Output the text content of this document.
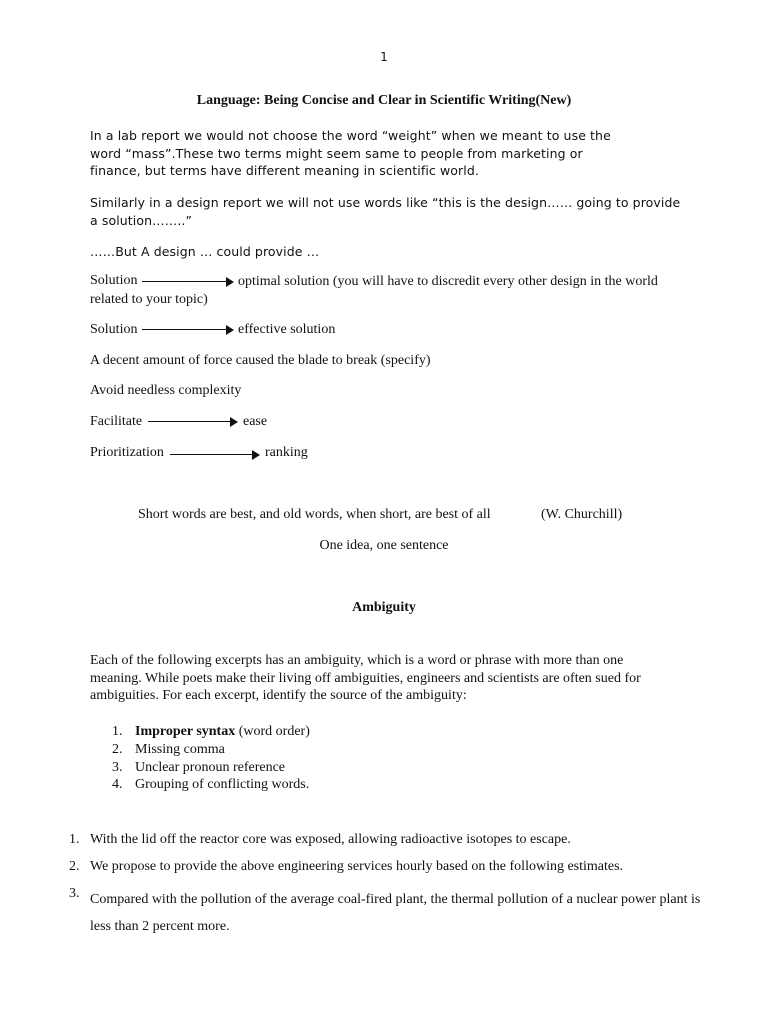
1
Language: Being Concise and Clear in Scientific Writing(New)
In a lab report we would not choose the word “weight” when we meant to use the word “mass”.These two terms might seem same to people from marketing or finance, but terms have different meaning in scientific world.
Similarly in a design report we will not use words like “this is the design…… going to provide a solution……..”
……But A design … could provide …
Solution	optimal solution (you will have to discredit every other design in the world related to your topic)
Solution	effective solution
A decent amount of force caused the blade to break (specify)
Avoid needless complexity
Facilitate	ease
Prioritization	ranking
Short words are best, and old words, when short, are best of all	(W. Churchill)
One idea, one sentence
Ambiguity
Each of the following excerpts has an ambiguity, which is a word or phrase with more than one meaning. While poets make their living off ambiguities, engineers and scientists are often sued for ambiguities. For each excerpt, identify the source of the ambiguity:
1. Improper syntax (word order)
2. Missing comma
3. Unclear pronoun reference
4. Grouping of conflicting words.
1. With the lid off the reactor core was exposed, allowing radioactive isotopes to escape.
2. We propose to provide the above engineering services hourly based on the following estimates.
3. Compared with the pollution of the average coal-fired plant, the thermal pollution of a nuclear power plant is less than 2 percent more.
